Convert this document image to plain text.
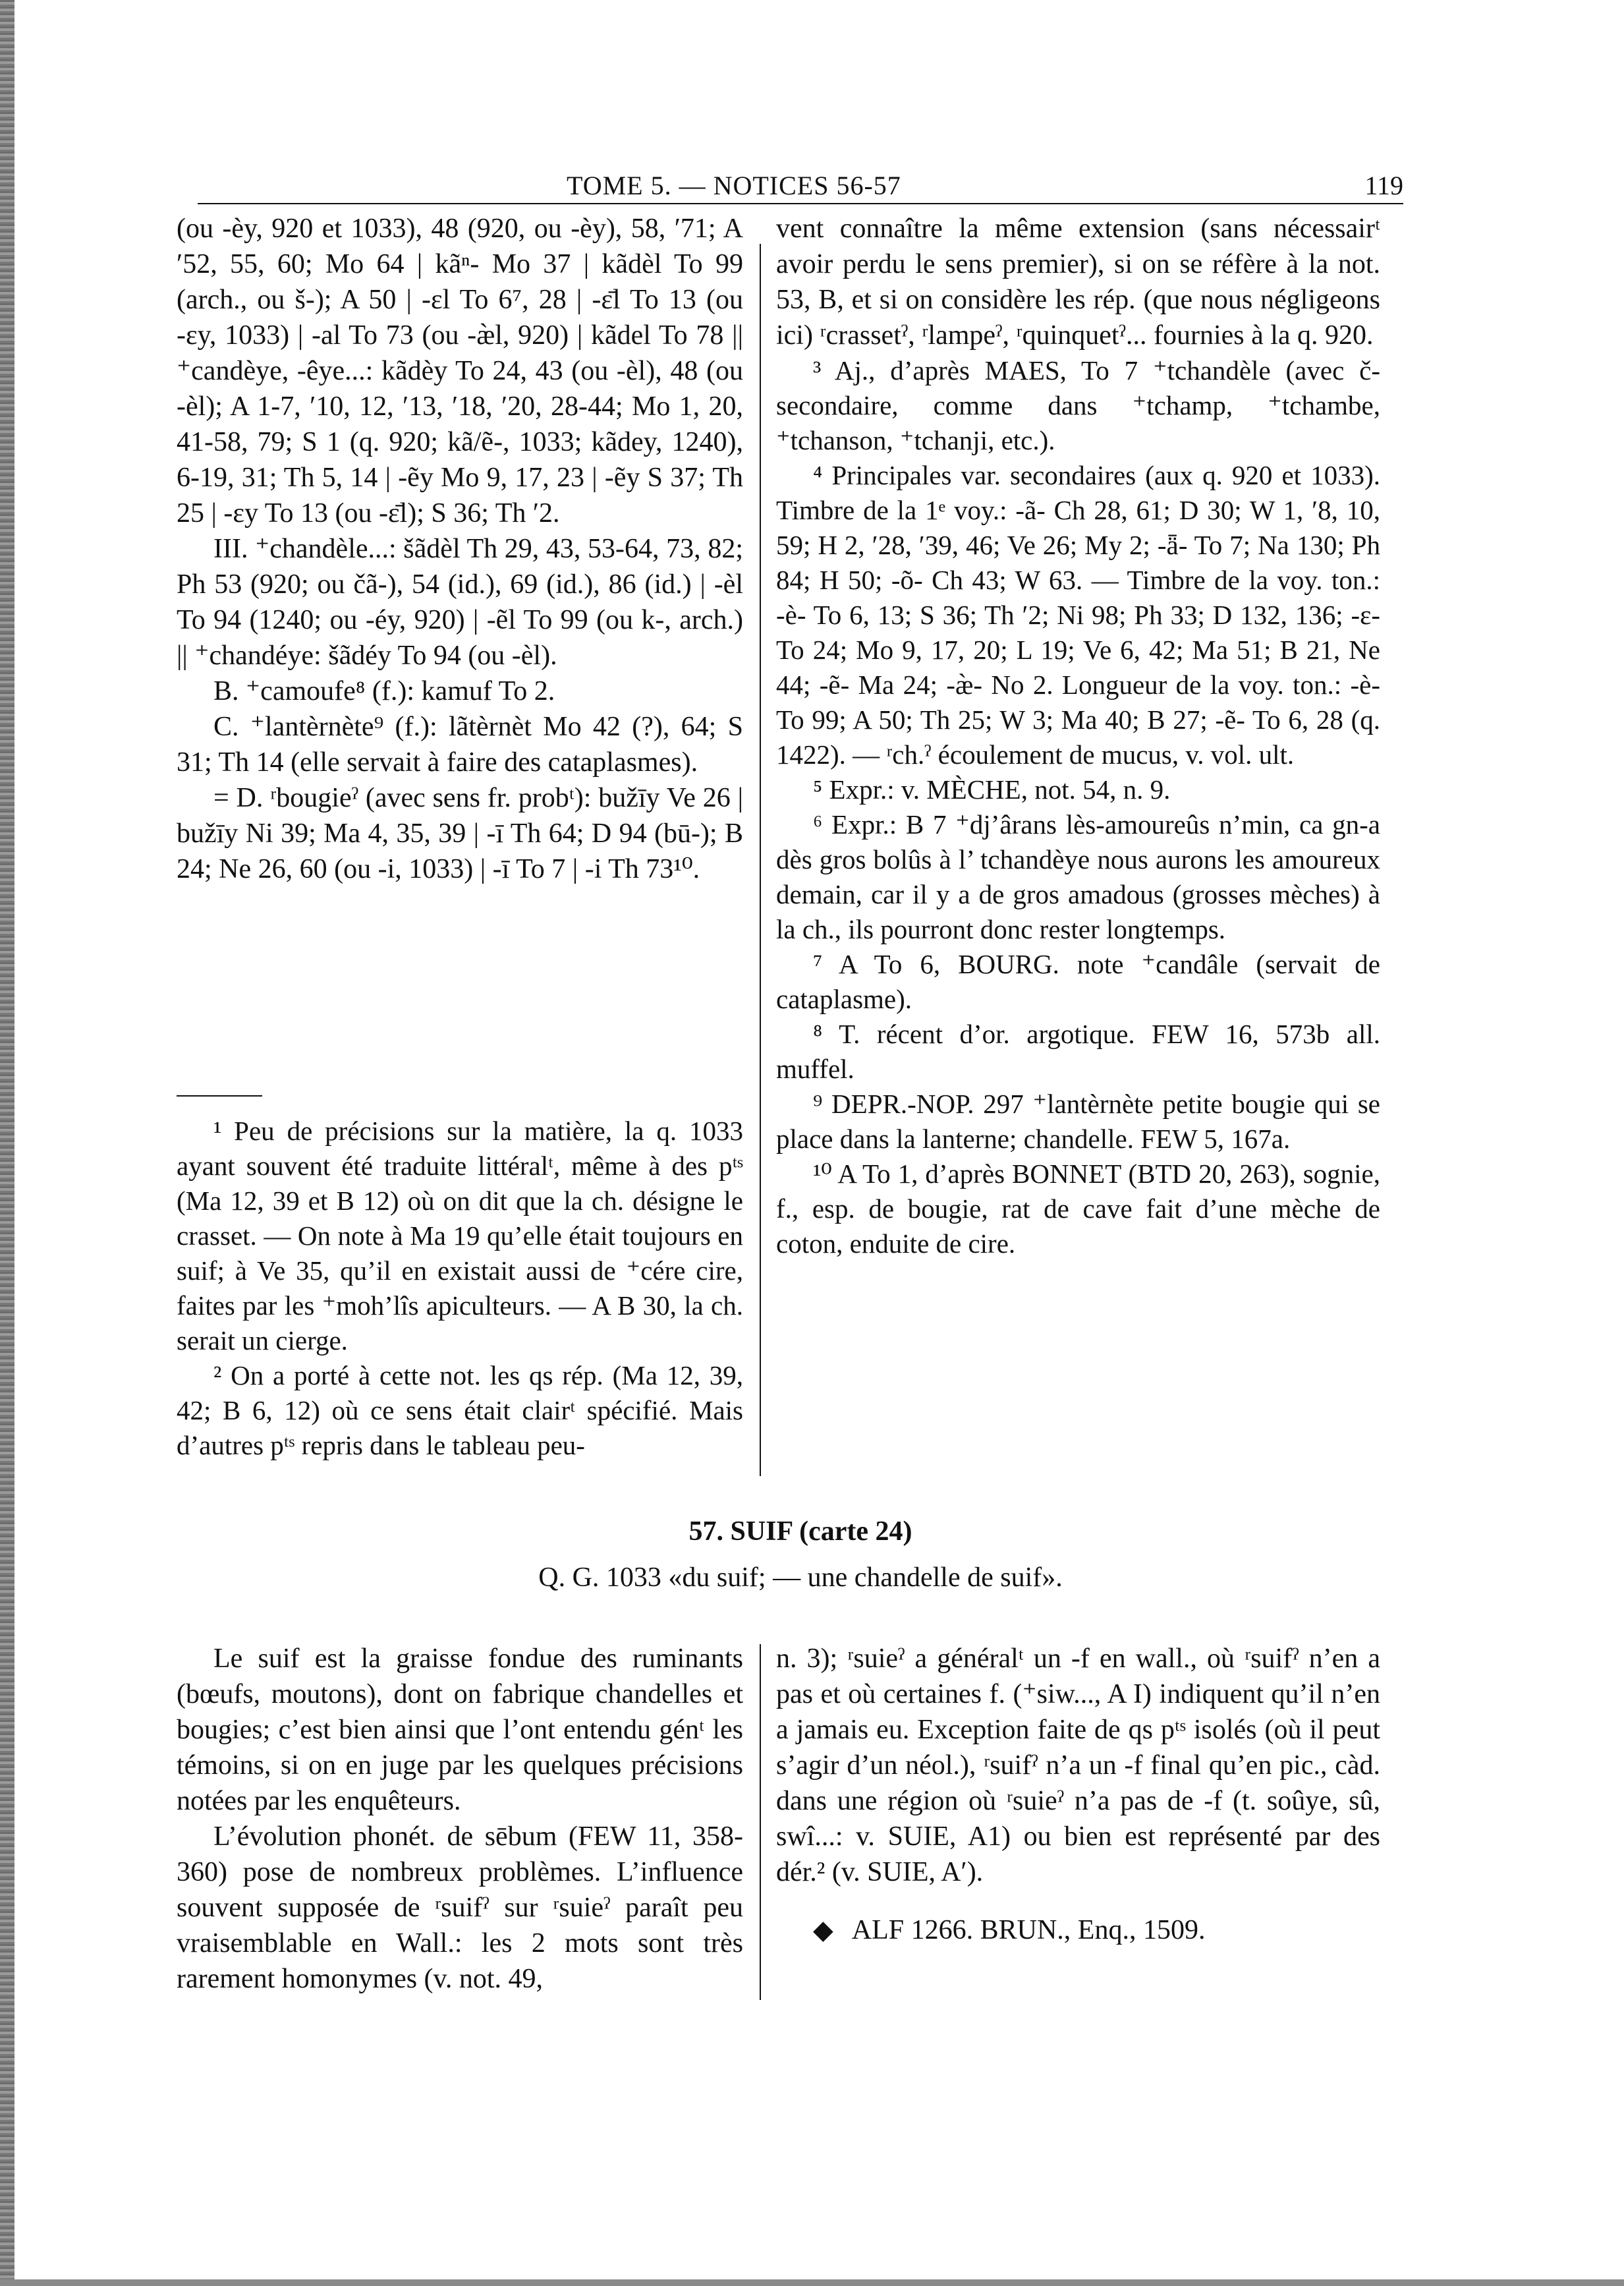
TOME 5. — NOTICES 56-57	119

(ou -èy, 920 et 1033), 48 (920, ou -èy), 58, ′71; A ′52, 55, 60; Mo 64 | kãⁿ- Mo 37 | kãdèl To 99 (arch., ou š-); A 50 | -ɛl To 6⁷, 28 | -ɛ̄l To 13 (ou -ɛy, 1033) | -al To 73 (ou -æ̀l, 920) | kãdel To 78 || ⁺candèye, -êye...: kãdèy To 24, 43 (ou -èl), 48 (ou -èl); A 1-7, ′10, 12, ′13, ′18, ′20, 28-44; Mo 1, 20, 41-58, 79; S 1 (q. 920; kã/ẽ-, 1033; kãdey, 1240), 6-19, 31; Th 5, 14 | -ẽy Mo 9, 17, 23 | -ẽy S 37; Th 25 | -ɛy To 13 (ou -ɛ̄l); S 36; Th ′2.

III. ⁺chandèle...: šãdèl Th 29, 43, 53-64, 73, 82; Ph 53 (920; ou čã-), 54 (id.), 69 (id.), 86 (id.) | -èl To 94 (1240; ou -éy, 920) | -ẽl To 99 (ou k-, arch.) || ⁺chandéye: šãdéy To 94 (ou -èl).

B. ⁺camoufe⁸ (f.): kamuf To 2.

C. ⁺lantèrnète⁹ (f.): lãtèrnèt Mo 42 (?), 64; S 31; Th 14 (elle servait à faire des cataplasmes).

= D. ʳbougieˀ (avec sens fr. probᵗ): bužīy Ve 26 | bužīy Ni 39; Ma 4, 35, 39 | -ī Th 64; D 94 (bū-); B 24; Ne 26, 60 (ou -i, 1033) | -ī To 7 | -i Th 73¹⁰.

¹ Peu de précisions sur la matière, la q. 1033 ayant souvent été traduite littéralᵗ, même à des pᵗˢ (Ma 12, 39 et B 12) où on dit que la ch. désigne le crasset. — On note à Ma 19 qu’elle était toujours en suif; à Ve 35, qu’il en existait aussi de ⁺cére cire, faites par les ⁺moh’lîs apiculteurs. — A B 30, la ch. serait un cierge.

² On a porté à cette not. les qs rép. (Ma 12, 39, 42; B 6, 12) où ce sens était clairᵗ spécifié. Mais d’autres pᵗˢ repris dans le tableau peu-

vent connaître la même extension (sans nécessairᵗ avoir perdu le sens premier), si on se réfère à la not. 53, B, et si on considère les rép. (que nous négligeons ici) ʳcrassetˀ, ʳlampeˀ, ʳquinquetˀ... fournies à la q. 920.

³ Aj., d’après MAES, To 7 ⁺tchandèle (avec č- secondaire, comme dans ⁺tchamp, ⁺tchambe, ⁺tchanson, ⁺tchanji, etc.).

⁴ Principales var. secondaires (aux q. 920 et 1033). Timbre de la 1ᵉ voy.: -ã- Ch 28, 61; D 30; W 1, ′8, 10, 59; H 2, ′28, ′39, 46; Ve 26; My 2; -ǟ- To 7; Na 130; Ph 84; H 50; -õ- Ch 43; W 63. — Timbre de la voy. ton.: -è- To 6, 13; S 36; Th ′2; Ni 98; Ph 33; D 132, 136; -ɛ- To 24; Mo 9, 17, 20; L 19; Ve 6, 42; Ma 51; B 21, Ne 44; -ẽ- Ma 24; -æ̀- No 2. Longueur de la voy. ton.: -è- To 99; A 50; Th 25; W 3; Ma 40; B 27; -ẽ- To 6, 28 (q. 1422). — ʳch.ˀ écoulement de mucus, v. vol. ult.

⁵ Expr.: v. MÈCHE, not. 54, n. 9.

⁶ Expr.: B 7 ⁺dj’ârans lès-amoureûs n’min, ca gn-a dès gros bolûs à l’ tchandèye nous aurons les amoureux demain, car il y a de gros amadous (grosses mèches) à la ch., ils pourront donc rester longtemps.

⁷ A To 6, BOURG. note ⁺candâle (servait de cataplasme).

⁸ T. récent d’or. argotique. FEW 16, 573b all. muffel.

⁹ DEPR.-NOP. 297 ⁺lantèrnète petite bougie qui se place dans la lanterne; chandelle. FEW 5, 167a.

¹⁰ A To 1, d’après BONNET (BTD 20, 263), sognie, f., esp. de bougie, rat de cave fait d’une mèche de coton, enduite de cire.

57. SUIF (carte 24)
Q. G. 1033 «du suif; — une chandelle de suif».

Le suif est la graisse fondue des ruminants (bœufs, moutons), dont on fabrique chandelles et bougies; c’est bien ainsi que l’ont entendu génᵗ les témoins, si on en juge par les quelques précisions notées par les enquêteurs.

L’évolution phonét. de sēbum (FEW 11, 358-360) pose de nombreux problèmes. L’influence souvent supposée de ʳsuifˀ sur ʳsuieˀ paraît peu vraisemblable en Wall.: les 2 mots sont très rarement homonymes (v. not. 49,

n. 3); ʳsuieˀ a généralᵗ un -f en wall., où ʳsuifˀ n’en a pas et où certaines f. (⁺siw..., A I) indiquent qu’il n’en a jamais eu. Exception faite de qs pᵗˢ isolés (où il peut s’agir d’un néol.), ʳsuifˀ n’a un -f final qu’en pic., càd. dans une région où ʳsuieˀ n’a pas de -f (t. soûye, sû, swî...: v. SUIE, A1) ou bien est représenté par des dér.² (v. SUIE, A′).

◆ ALF 1266. BRUN., Enq., 1509.
